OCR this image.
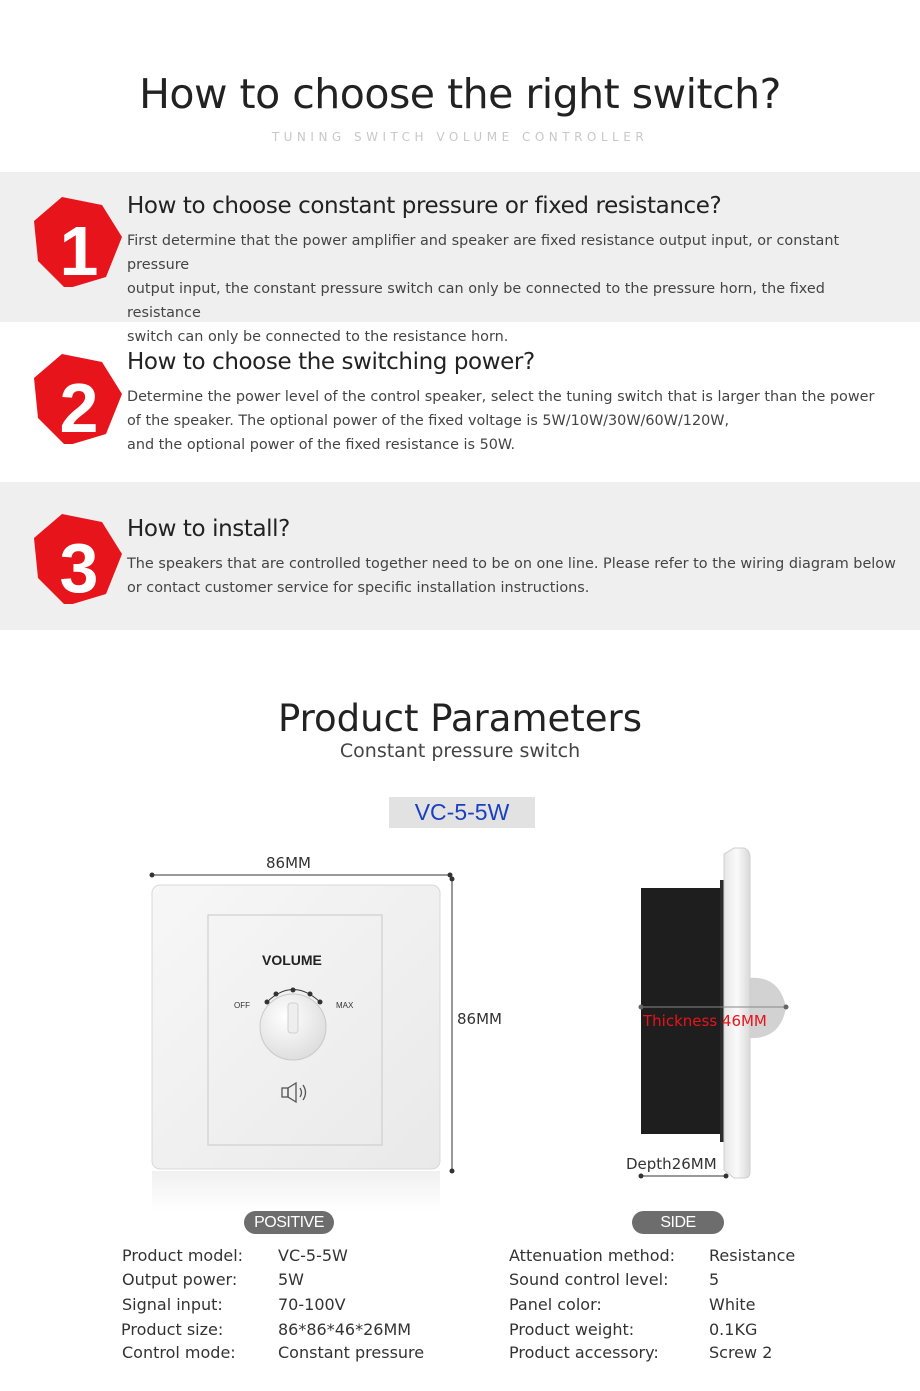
How to choose the right switch?
TUNING SWITCH VOLUME CONTROLLER
1
How to choose constant pressure or fixed resistance?
First determine that the power amplifier and speaker are fixed resistance output input, or constant pressure
output input, the constant pressure switch can only be connected to the pressure horn, the fixed resistance
switch can only be connected to the resistance horn.
2
How to choose the switching power?
Determine the power level of the control speaker, select the tuning switch that is larger than the power
of the speaker. The optional power of the fixed voltage is 5W/10W/30W/60W/120W,
and the optional power of the fixed resistance is 50W.
3 How to install?
The speakers that are controlled together need to be on one line. Please refer to the wiring diagram below
or contact customer service for specific installation instructions.
Product Parameters
Constant pressure switch
VC-5-5W
VOLUME
OFF	MAX
86MM
86MM
POSITIVE
Thickness 46MM
Depth26MM
SIDE
Product model: VC-5-5W
Output power:	5W
Signal input:	70-100V
Product size:	86*86*46*26MM
Control mode:	Constant pressure
Attenuation method: Resistance
Sound control level:	5
Panel color:	White
Product weight:	0.1KG
Product accessory:	Screw 2
